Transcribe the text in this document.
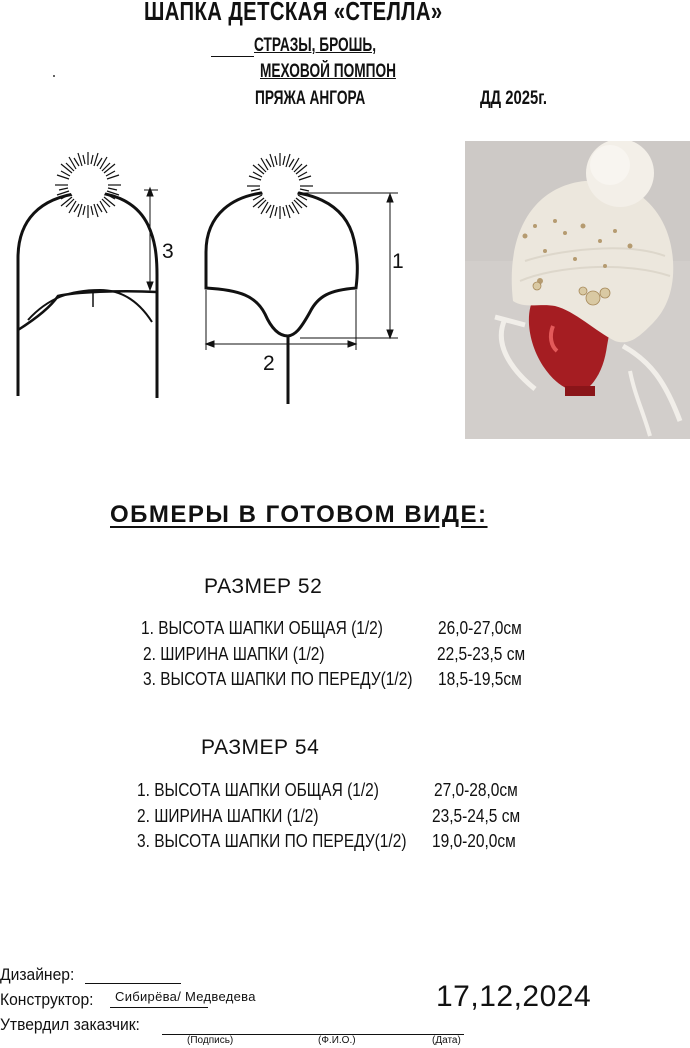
ШАПКА ДЕТСКАЯ «СТЕЛЛА»
СТРАЗЫ, БРОШЬ,
МЕХОВОЙ ПОМПОН
ПРЯЖА АНГОРА	ДД 2025г.
3	1
2
ОБМЕРЫ В ГОТОВОМ ВИДЕ:
РАЗМЕР 52
1. ВЫСОТА ШАПКИ ОБЩАЯ (1/2)	26,0-27,0см
2. ШИРИНА ШАПКИ (1/2)	22,5-23,5 см
3. ВЫСОТА ШАПКИ ПО ПЕРЕДУ(1/2) 18,5-19,5см
РАЗМЕР 54
1. ВЫСОТА ШАПКИ ОБЩАЯ (1/2)	27,0-28,0см
2. ШИРИНА ШАПКИ (1/2)	23,5-24,5 см
3. ВЫСОТА ШАПКИ ПО ПЕРЕДУ(1/2) 19,0-20,0см
Дизайнер:
Конструктор: Сибирёва/ Медведева
Утвердил заказчик:
(Подпись)	(Ф.И.О.)	(Дата)
17,12,2024
